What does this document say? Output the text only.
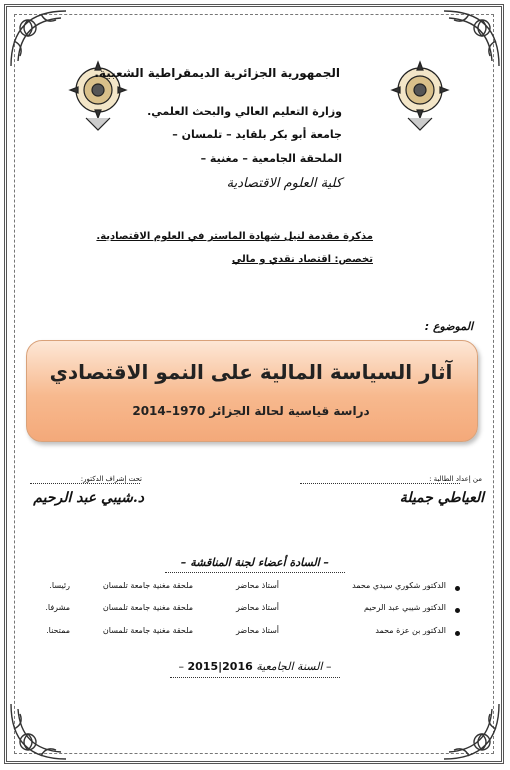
الجمهورية الجزائرية الديمقراطية الشعبية.
وزارة التعليم العالي والبحث العلمي.
جامعة أبو بكر بلقايد – تلمسان –
الملحقة الجامعية – مغنية –
كلية العلوم الاقتصادية
مذكرة مقدمة لنيل شهادة الماستر في العلوم الاقتصادية.
تخصص: اقتصاد نقدي و مالي
الموضوع :
آثار السياسة المالية على النمو الاقتصادي
دراسة قياسية لحالة الجزائر 1970–2014
من إعداد الطالبة :
العياطي جميلة
تحت إشراف الدكتور:
د.شيبي عبد الرحيم
– السادة أعضاء لجنة المناقشة –
الدكتور شكوري سيدي محمد
أستاذ محاضر
ملحقة مغنية جامعة تلمسان
رئيسا.
الدكتور شيبي عبد الرحيم
أستاذ محاضر
ملحقة مغنية جامعة تلمسان
مشرفا.
الدكتور بن عزة محمد
أستاذ محاضر
ملحقة مغنية جامعة تلمسان
ممتحنا.
– السنة الجامعية 2016|2015 –
